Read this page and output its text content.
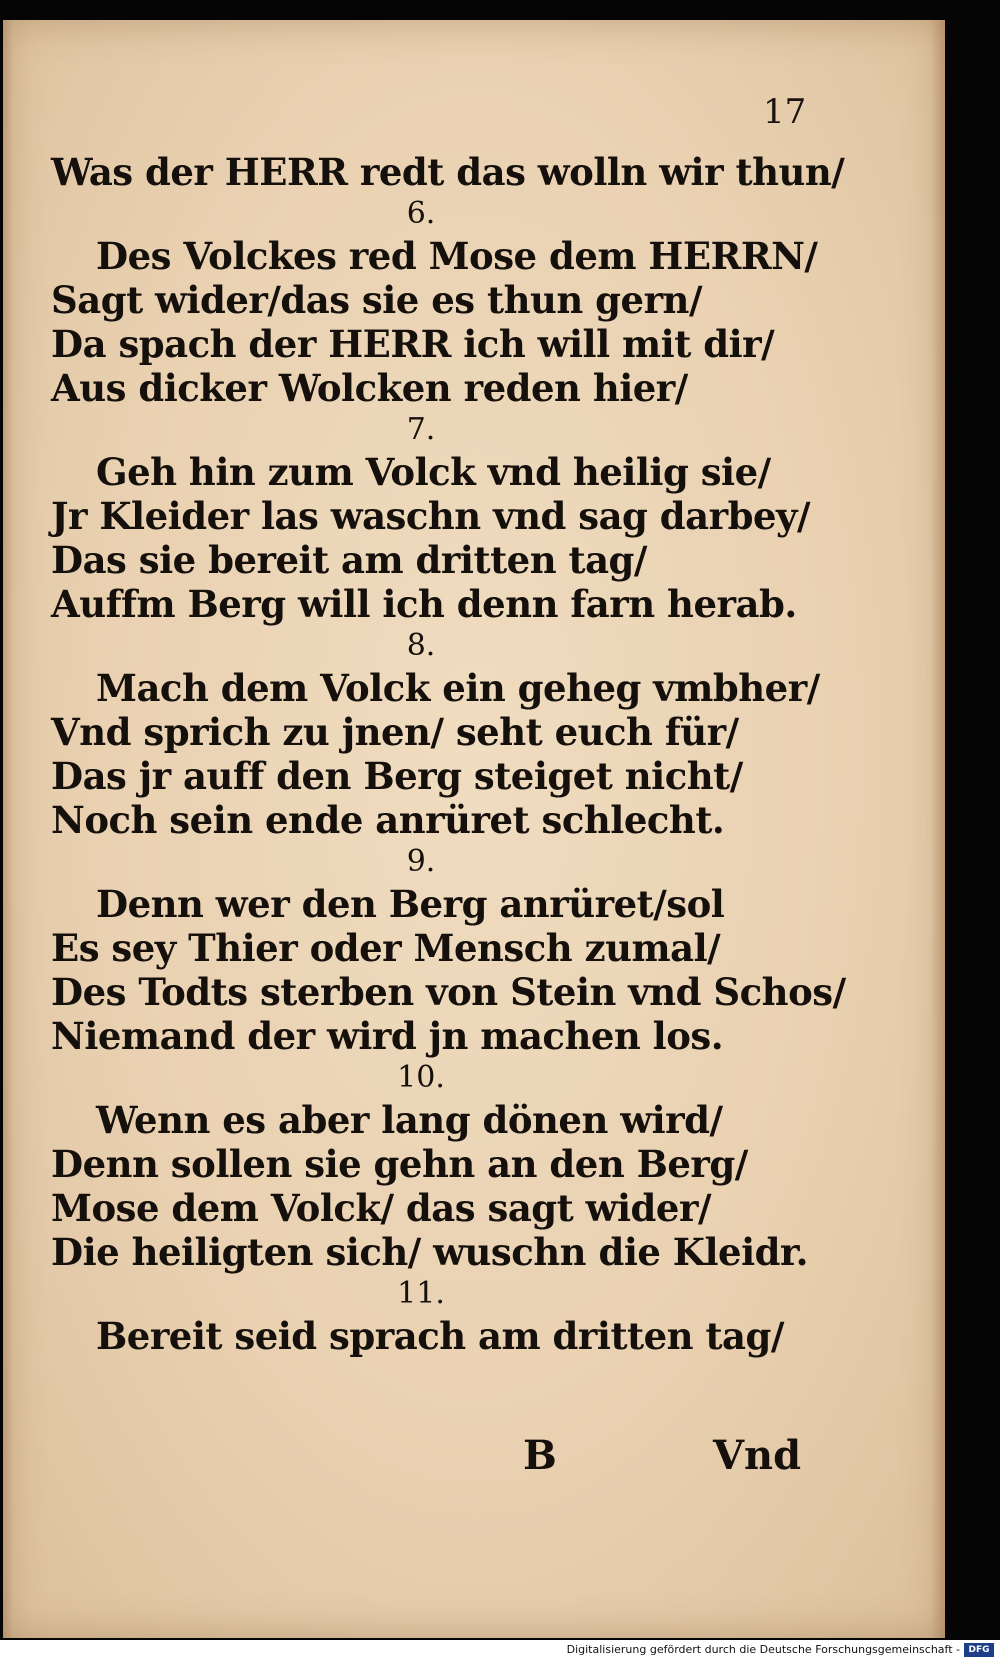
17
Was der HERR redt das wolln wir thun/
6.
Des Volckes red Mose dem HERRN/
Sagt wider/das sie es thun gern/
Da spach der HERR ich will mit dir/
Aus dicker Wolcken reden hier/
7.
Geh hin zum Volck vnd heilig sie/
Jr Kleider las waschn vnd sag darbey/
Das sie bereit am dritten tag/
Auffm Berg will ich denn farn herab.
8.
Mach dem Volck ein geheg vmbher/
Vnd sprich zu jnen/ seht euch für/
Das jr auff den Berg steiget nicht/
Noch sein ende anrüret schlecht.
9.
Denn wer den Berg anrüret/sol
Es sey Thier oder Mensch zumal/
Des Todts sterben von Stein vnd Schos/
Niemand der wird jn machen los.
10.
Wenn es aber lang dönen wird/
Denn sollen sie gehn an den Berg/
Mose dem Volck/ das sagt wider/
Die heiligten sich/ wuschn die Kleidr.
11.
Bereit seid sprach am dritten tag/
B	Vnd
Digitalisierung gefördert durch die Deutsche Forschungsgemeinschaft - DFG
